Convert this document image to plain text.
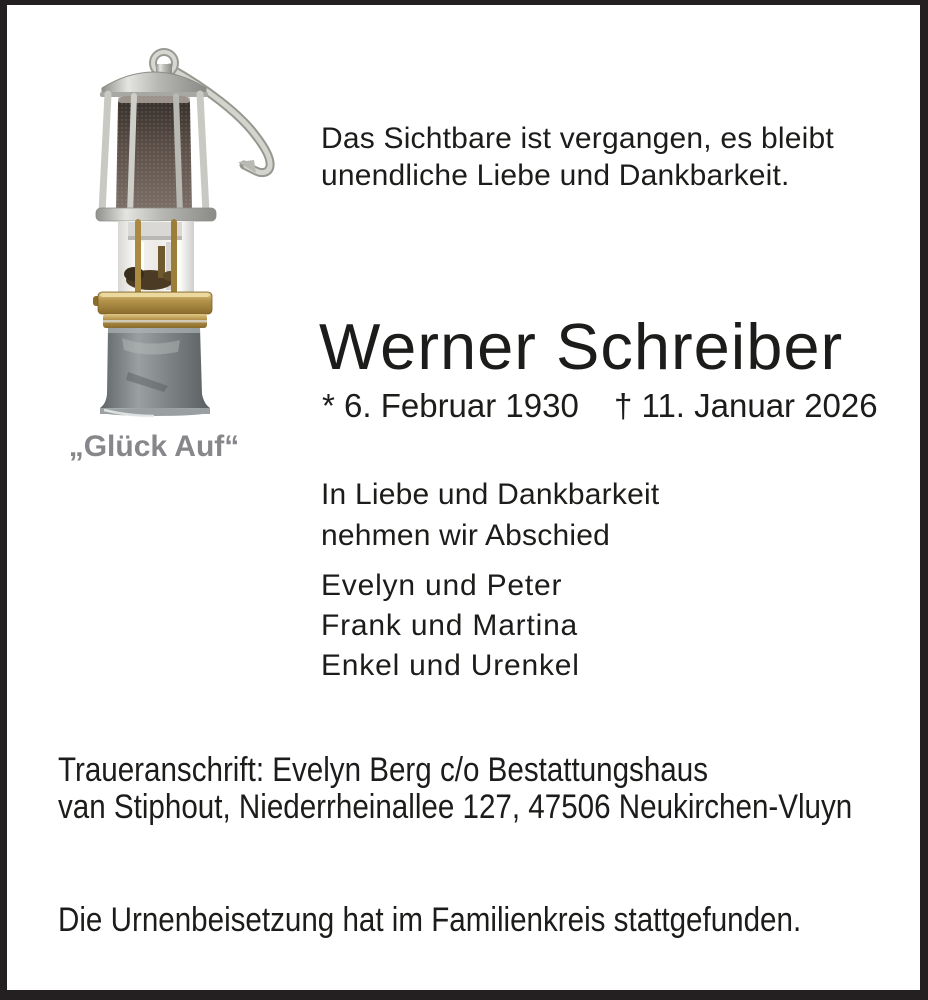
„Glück Auf“
Das Sichtbare ist vergangen, es bleibt
unendliche Liebe und Dankbarkeit.
Werner Schreiber
* 6. Februar 1930 † 11. Januar 2026
In Liebe und Dankbarkeit
nehmen wir Abschied
Evelyn und Peter
Frank und Martina
Enkel und Urenkel
Traueranschrift: Evelyn Berg c/o Bestattungshaus
van Stiphout, Niederrheinallee 127, 47506 Neukirchen-Vluyn
Die Urnenbeisetzung hat im Familienkreis stattgefunden.
